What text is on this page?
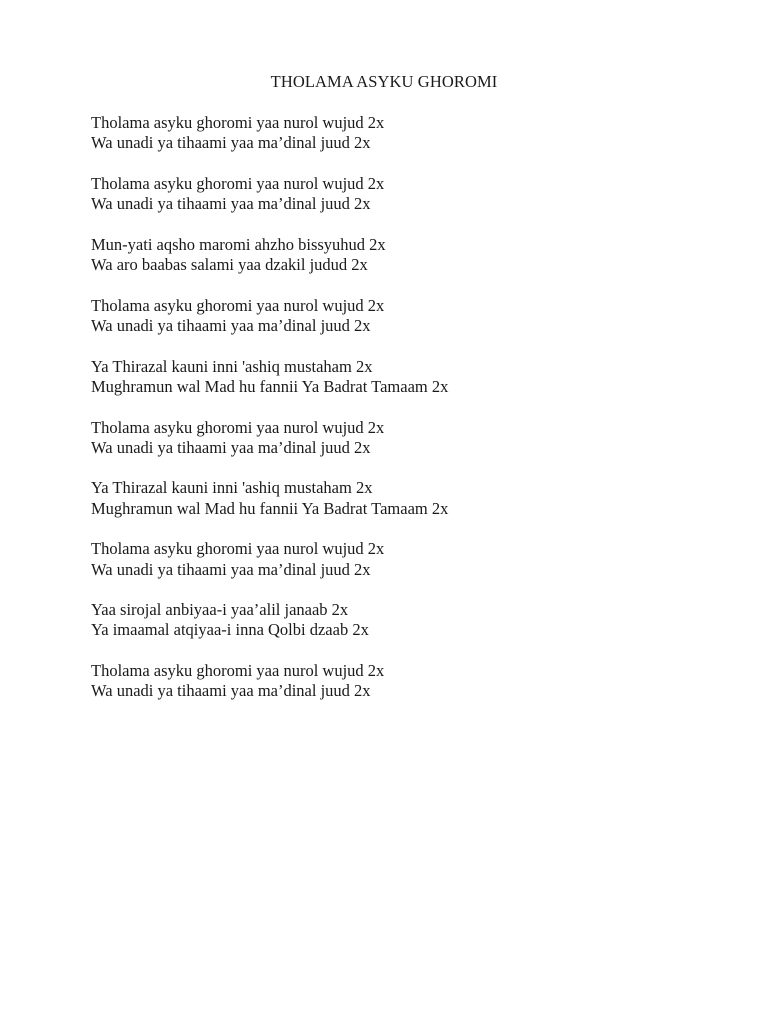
THOLAMA ASYKU GHOROMI
Tholama asyku ghoromi yaa nurol wujud 2x
Wa unadi ya tihaami yaa ma’dinal juud 2x
Tholama asyku ghoromi yaa nurol wujud 2x
Wa unadi ya tihaami yaa ma’dinal juud 2x
Mun-yati aqsho maromi ahzho bissyuhud 2x
Wa aro baabas salami yaa dzakil judud 2x
Tholama asyku ghoromi yaa nurol wujud 2x
Wa unadi ya tihaami yaa ma’dinal juud 2x
Ya Thirazal kauni inni 'ashiq mustaham 2x
Mughramun wal Mad hu fannii Ya Badrat Tamaam 2x
Tholama asyku ghoromi yaa nurol wujud 2x
Wa unadi ya tihaami yaa ma’dinal juud 2x
Ya Thirazal kauni inni 'ashiq mustaham 2x
Mughramun wal Mad hu fannii Ya Badrat Tamaam 2x
Tholama asyku ghoromi yaa nurol wujud 2x
Wa unadi ya tihaami yaa ma’dinal juud 2x
Yaa sirojal anbiyaa-i yaa’alil janaab 2x
Ya imaamal atqiyaa-i inna Qolbi dzaab 2x
Tholama asyku ghoromi yaa nurol wujud 2x
Wa unadi ya tihaami yaa ma’dinal juud 2x
